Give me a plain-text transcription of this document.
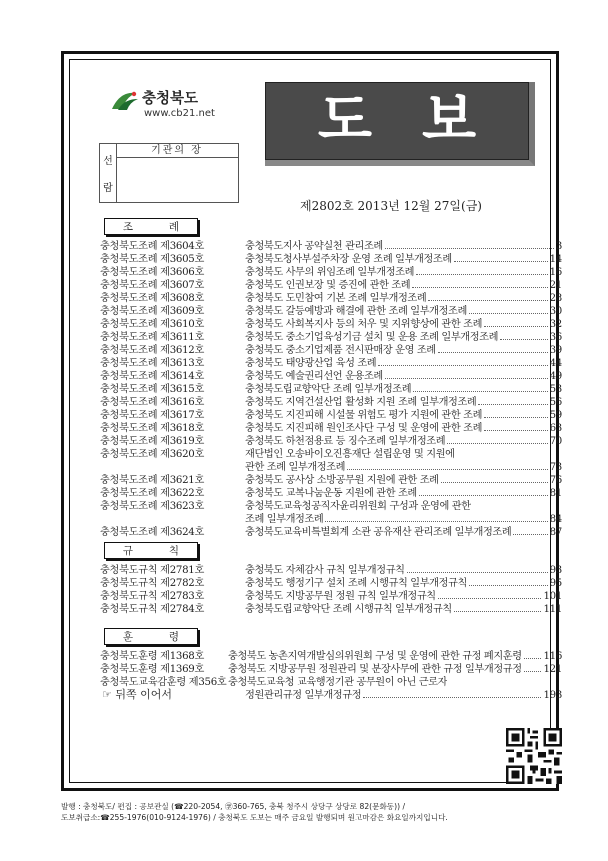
충청북도
www.cb21.net 도 보
선
람
기관의 장
제2802호 2013년 12월 27일(금)
조	례
충청북도조례 제3604호	충청북도지사 공약실천 관리조례	3
충청북도조례 제3605호	충청북도청사부설주차장 운영 조례 일부개정조례	14
충청북도조례 제3606호	충청북도 사무의 위임조례 일부개정조례	16
충청북도조례 제3607호	충청북도 인권보장 및 증진에 관한 조례	21
충청북도조례 제3608호	충청북도 도민참여 기본 조례 일부개정조례	28
충청북도조례 제3609호	충청북도 갈등예방과 해결에 관한 조례 일부개정조례	30
충청북도조례 제3610호	충청북도 사회복지사 등의 처우 및 지위향상에 관한 조례	32
충청북도조례 제3611호	충청북도 중소기업육성기금 설치 및 운용 조례 일부개정조례	36
충청북도조례 제3612호	충청북도 중소기업제품 전시판매장 운영 조례	39
충청북도조례 제3613호	충청북도 태양광산업 육성 조례	44
충청북도조례 제3614호	충청북도 예술권리선언 운용조례	49
충청북도조례 제3615호	충청북도립교향악단 조례 일부개정조례	53
충청북도조례 제3616호	충청북도 지역건설산업 활성화 지원 조례 일부개정조례	56
충청북도조례 제3617호	충청북도 지진피해 시설물 위험도 평가 지원에 관한 조례	59
충청북도조례 제3618호	충청북도 지진피해 원인조사단 구성 및 운영에 관한 조례	63
충청북도조례 제3619호	충청북도 하천점용료 등 징수조례 일부개정조례	70
충청북도조례 제3620호	재단법인 오송바이오진흥재단 설립운영 및 지원에
관한 조례 일부개정조례	73
충청북도조례 제3621호	충청북도 공사상 소방공무원 지원에 관한 조례	76
충청북도조례 제3622호	충청북도 교복나눔운동 지원에 관한 조례	81
충청북도조례 제3623호	충청북도교육청공직자윤리위원회 구성과 운영에 관한
조례 일부개정조례	84
충청북도조례 제3624호	충청북도교육비특별회계 소관 공유재산 관리조례 일부개정조례	87
규	칙
충청북도규칙 제2781호	충청북도 자체감사 규칙 일부개정규칙	93
충청북도규칙 제2782호	충청북도 행정기구 설치 조례 시행규칙 일부개정규칙	95
충청북도규칙 제2783호	충청북도 지방공무원 정원 규칙 일부개정규칙	101
충청북도규칙 제2784호	충청북도립교향악단 조례 시행규칙 일부개정규칙	111
훈	령
충청북도훈령 제1368호	충청북도 농촌지역개발심의위원회 구성 및 운영에 관한 규정 폐지훈령 116
충청북도훈령 제1369호	충청북도 지방공무원 정원관리 및 분장사무에 관한 규정 일부개정규정 121
충청북도교육감훈령 제356호 충청북도교육청 교육행정기관 공무원이 아닌 근로자
정원관리규정 일부개정규정	193
☞ 뒤쪽 이어서
발행 : 충청북도/ 편집 : 공보관실 (☎220-2054, ㊫360-765, 충북 청주시 상당구 상당로 82(문화동)) /
도보취급소:☎255-1976(010-9124-1976) / 충청북도 도보는 매주 금요일 발행되며 원고마감은 화요일까지입니다.
